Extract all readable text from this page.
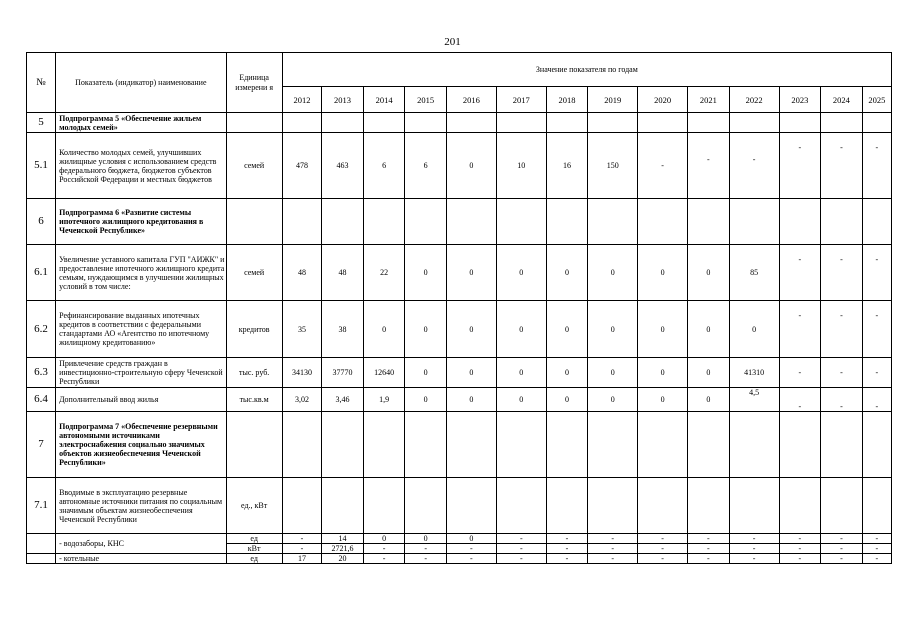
201
№	Показатель (индикатор) наименование	Единица измерени я	Значение показателя по годам													
			2012	2013	2014	2015	2016	2017	2018	2019	2020	2021	2022	2023	2024	2025
5	Подпрограмма 5 «Обеспечение жильем молодых семей»															
5.1	Количество молодых семей, улучшивших жилищные условия с использованием средств федерального бюджета, бюджетов субъектов Российской Федерации и местных бюджетов	семей	478	463	6	6	0	10	16	150	-	-	-	-	-	-
6	Подпрограмма 6 «Развитие системы ипотечного жилищного кредитования в Чеченской Республике»															
6.1	Увеличение уставного капитала ГУП "АИЖК" и предоставление ипотечного жилищного кредита семьям, нуждающимся в улучшении жилищных условий в том числе:	семей	48	48	22	0	0	0	0	0	0	0	85	-	-	-
6.2	Рефинансирование выданных ипотечных кредитов в соответствии с федеральными стандартами АО «Агентство по ипотечному жилищному кредитованию»	кредитов	35	38	0	0	0	0	0	0	0	0	0	-	-	-
6.3	Привлечение средств граждан в инвестиционно-строительную сферу Чеченской Республики	тыс. руб.	34130	37770	12640	0	0	0	0	0	0	0	41310	-	-	-
6.4	Дополнительный ввод жилья	тыс.кв.м	3,02	3,46	1,9	0	0	0	0	0	0	0	4,5	-	-	-
7	Подпрограмма 7 «Обеспечение резервными автономными источниками электроснабжения социально значимых объектов жизнеобеспечения Чеченской Республики»															
7.1	Вводимые в эксплуатацию резервные автономные источники питания по социальным значимым объектам жизнеобеспечения Чеченской Республики	ед., кВт														
	- водозаборы, КНС	ед	-	14	0	0	0	-	-	-	-	-	-	-	-	-
		кВт	-	2721,6	-	-	-	-	-	-	-	-	-	-	-	-
	- котельные	ед	17	20	-	-	-	-	-	-	-	-	-	-	-	-
